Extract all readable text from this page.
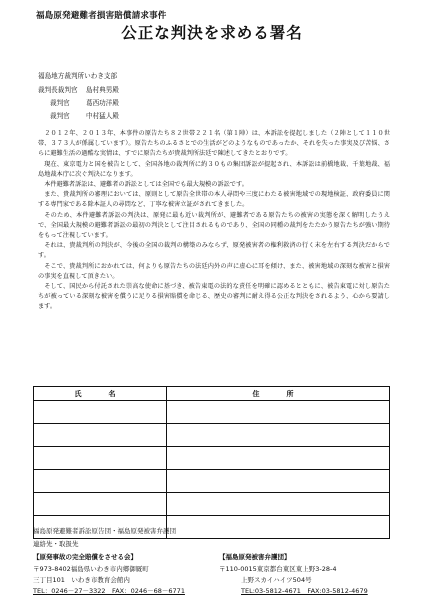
福島原発避難者損害賠償請求事件
公正な判決を求める署名
福島地方裁判所いわき支部
裁判長裁判官 島村典男殿
裁判官 葛西功洋殿
裁判官 中村猛人殿

２０１２年、２０１３年、本事件の原告たち８２世帯２２１名（第１陣）は、本訴訟を提起しました（２陣として１１０世帯、３７３人が係属しています）。原告たちのふるさとでの生活がどのようなものであったか、それを失った事実及び苦悩、さらに避難生活の過酷な実情は、すでに原告たちが貴裁判所法廷で陳述してきたとおりです。

現在、東京電力と国を被告として、全国各地の裁判所に約３０もの集団訴訟が提起され、本訴訟は前橋地裁、千葉地裁、福島地裁本庁に次ぐ判決になります。

本件避難者訴訟は、避難者の訴訟としては全国でも最大規模の訴訟です。

また、貴裁判所の審理においては、原則として原告全世帯の本人尋問や三度にわたる被害地域での現地検証、政府委員に関する専門家である除本証人の尋問など、丁寧な被害立証がされてきました。

そのため、本件避難者訴訟の判決は、原発に最も近い裁判所が、避難者である原告たちの被害の実態を深く解明したうえで、全国最大規模の避難者訴訟の最初の判決として注目されるものであり、全国の同種の裁判をたたかう原告たちが強い期待をもって注視しています。

それは、貴裁判所の判決が、今後の全国の裁判の構築のみならず、原発被害者の権利救済の行く末を左右する判決だからです。

そこで、貴裁判所におかれては、何よりも原告たちの法廷内外の声に虚心に耳を傾け、また、被害地域の深刻な被害と損害の事実を直視して頂きたい。

そして、国民から付託された崇高な使命に基づき、被告東電の法的な責任を明確に認めるとともに、被告東電に対し原告たちが被っている深刻な被害を償うに足りる損害賠償を命じる、歴史の審判に耐え得る公正な判決をされるよう、心から要請します。

氏　名	住　所

福島原発避難者訴訟原告団・福島原発被害弁護団
連絡先・取扱先
【原発事故の完全賠償をさせる会】
〒973-8402福島県いわき市内郷御厩町
三丁目101　いわき市教育会館内
TEL：0246－27－3322　FAX：0246－68－6771
【福島原発被害弁護団】
〒110-0015東京都台東区東上野3-28-4
上野スカイハイツ504号
TEL:03-5812-4671　FAX:03-5812-4679
